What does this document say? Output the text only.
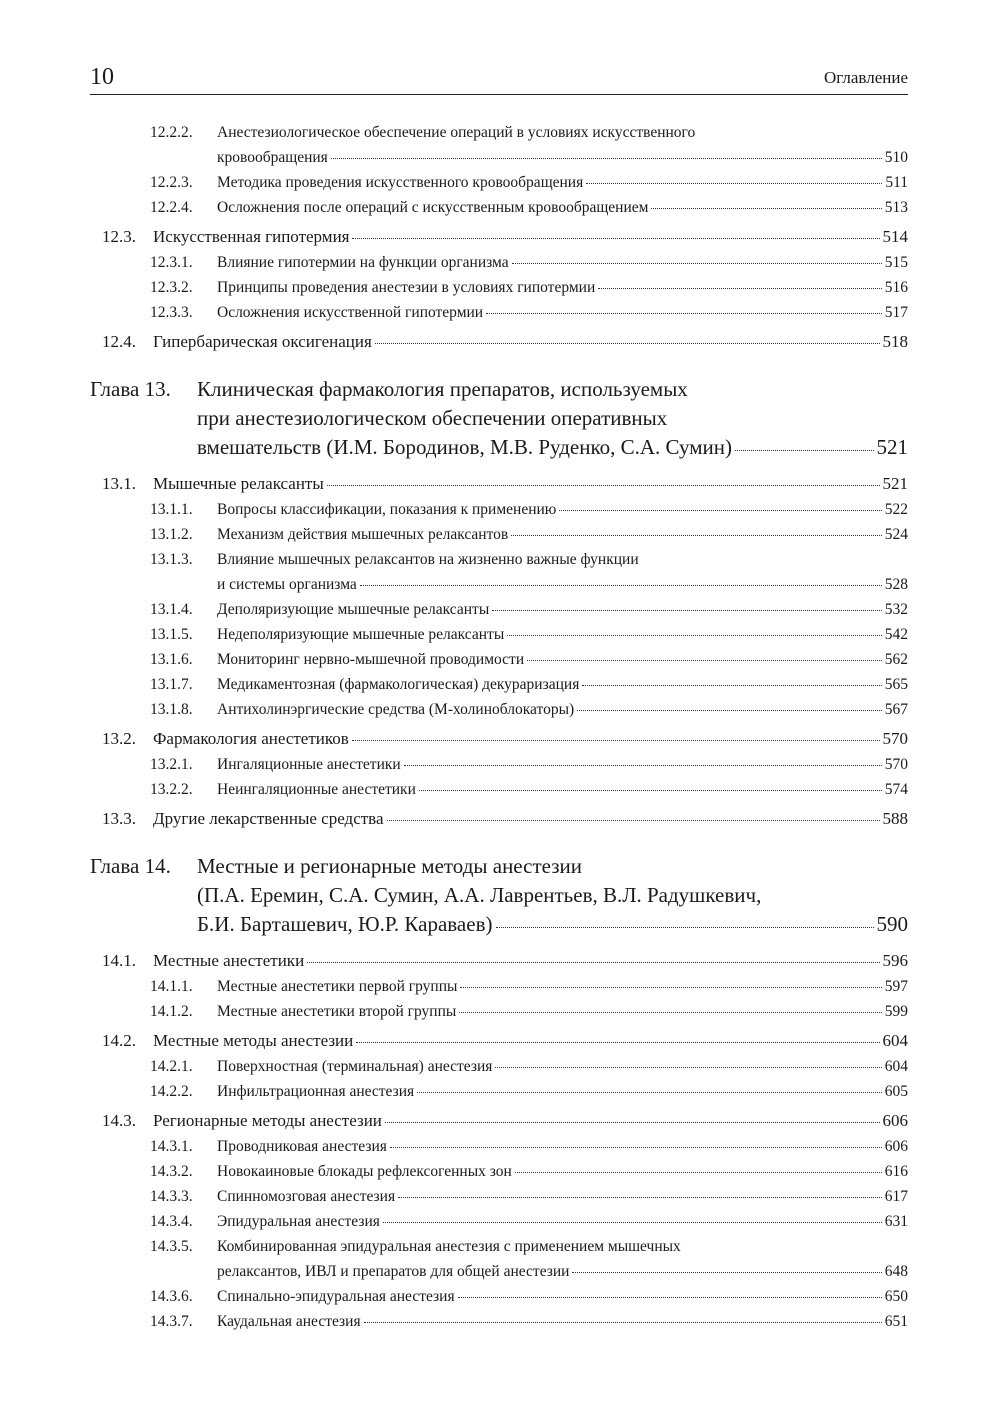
10	Оглавление
12.2.2. Анестезиологическое обеспечение операций в условиях искусственного
кровообращения	510
12.2.3. Методика проведения искусственного кровообращения	511
12.2.4. Осложнения после операций с искусственным кровообращением	513
12.3. Искусственная гипотермия	514
12.3.1. Влияние гипотермии на функции организма	515
12.3.2. Принципы проведения анестезии в условиях гипотермии	516
12.3.3. Осложнения искусственной гипотермии	517
12.4. Гипербарическая оксигенация	518
Глава 13. Клиническая фармакология препаратов, используемых
при анестезиологическом обеспечении оперативных
вмешательств (И.М. Бородинов, М.В. Руденко, С.А. Сумин)	521
13.1. Мышечные релаксанты	521
13.1.1. Вопросы классификации, показания к применению	522
13.1.2. Механизм действия мышечных релаксантов	524
13.1.3. Влияние мышечных релаксантов на жизненно важные функции
и системы организма	528
13.1.4. Деполяризующие мышечные релаксанты	532
13.1.5. Недеполяризующие мышечные релаксанты	542
13.1.6. Мониторинг нервно-мышечной проводимости	562
13.1.7. Медикаментозная (фармакологическая) декураризация	565
13.1.8. Антихолинэргические средства (М-холиноблокаторы)	567
13.2. Фармакология анестетиков	570
13.2.1. Ингаляционные анестетики	570
13.2.2. Неингаляционные анестетики	574
13.3. Другие лекарственные средства	588
Глава 14. Местные и регионарные методы анестезии
(П.А. Еремин, С.А. Сумин, А.А. Лаврентьев, В.Л. Радушкевич,
Б.И. Барташевич, Ю.Р. Караваев)	590
14.1. Местные анестетики	596
14.1.1. Местные анестетики первой группы	597
14.1.2. Местные анестетики второй группы	599
14.2. Местные методы анестезии	604
14.2.1. Поверхностная (терминальная) анестезия	604
14.2.2. Инфильтрационная анестезия	605
14.3. Регионарные методы анестезии	606
14.3.1. Проводниковая анестезия	606
14.3.2. Новокаиновые блокады рефлексогенных зон	616
14.3.3. Спинномозговая анестезия	617
14.3.4. Эпидуральная анестезия	631
14.3.5. Комбинированная эпидуральная анестезия с применением мышечных
релаксантов, ИВЛ и препаратов для общей анестезии	648
14.3.6. Спинально-эпидуральная анестезия	650
14.3.7. Каудальная анестезия	651
